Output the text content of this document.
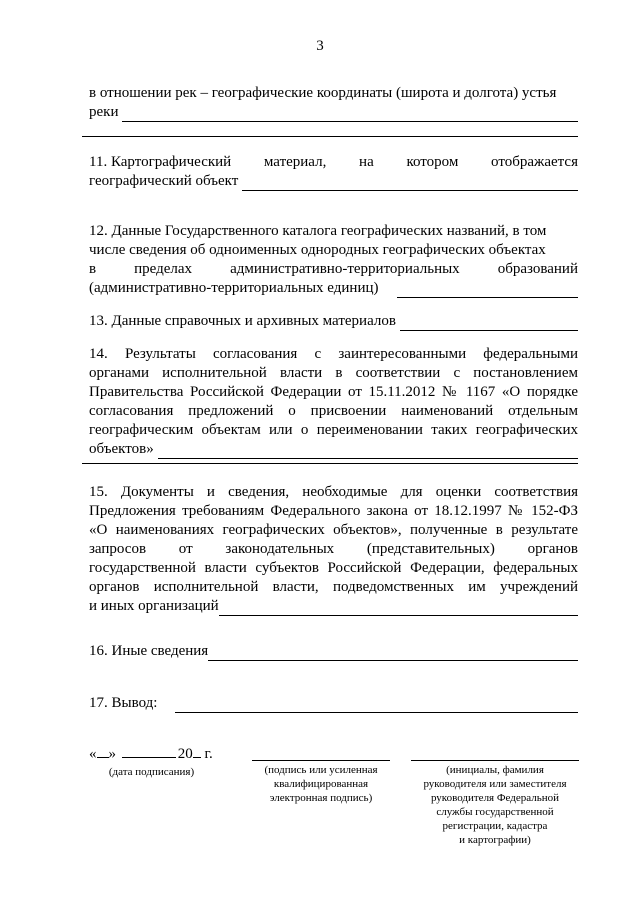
3
в отношении рек – географические координаты (широта и долгота) устья
реки
11. Картографический материал, на котором отображается
географический объект
12. Данные Государственного каталога географических названий, в том
числе сведения об одноименных однородных географических объектах
в	пределах	административно-территориальных	образований
(административно-территориальных единиц)
13. Данные справочных и архивных материалов
14. Результаты согласования с заинтересованными федеральными
органами исполнительной власти в соответствии с постановлением
Правительства Российской Федерации от 15.11.2012 № 1167 «О порядке
согласования предложений о присвоении наименований отдельным
географическим объектам или о переименовании таких географических
объектов»
15. Документы и сведения, необходимые для оценки соответствия
Предложения требованиям Федерального закона от 18.12.1997 № 152-ФЗ
«О наименованиях географических объектов», полученные в результате
запросов от законодательных (представительных) органов
государственной власти субъектов Российской Федерации, федеральных
органов исполнительной власти, подведомственных им учреждений
и иных организаций
16. Иные сведения
17. Вывод:
« »	20 г.
(дата подписания)	(подпись или усиленная
квалифицированная
электронная подпись)
(инициалы, фамилия
руководителя или заместителя
руководителя Федеральной
службы государственной
регистрации, кадастра
и картографии)
